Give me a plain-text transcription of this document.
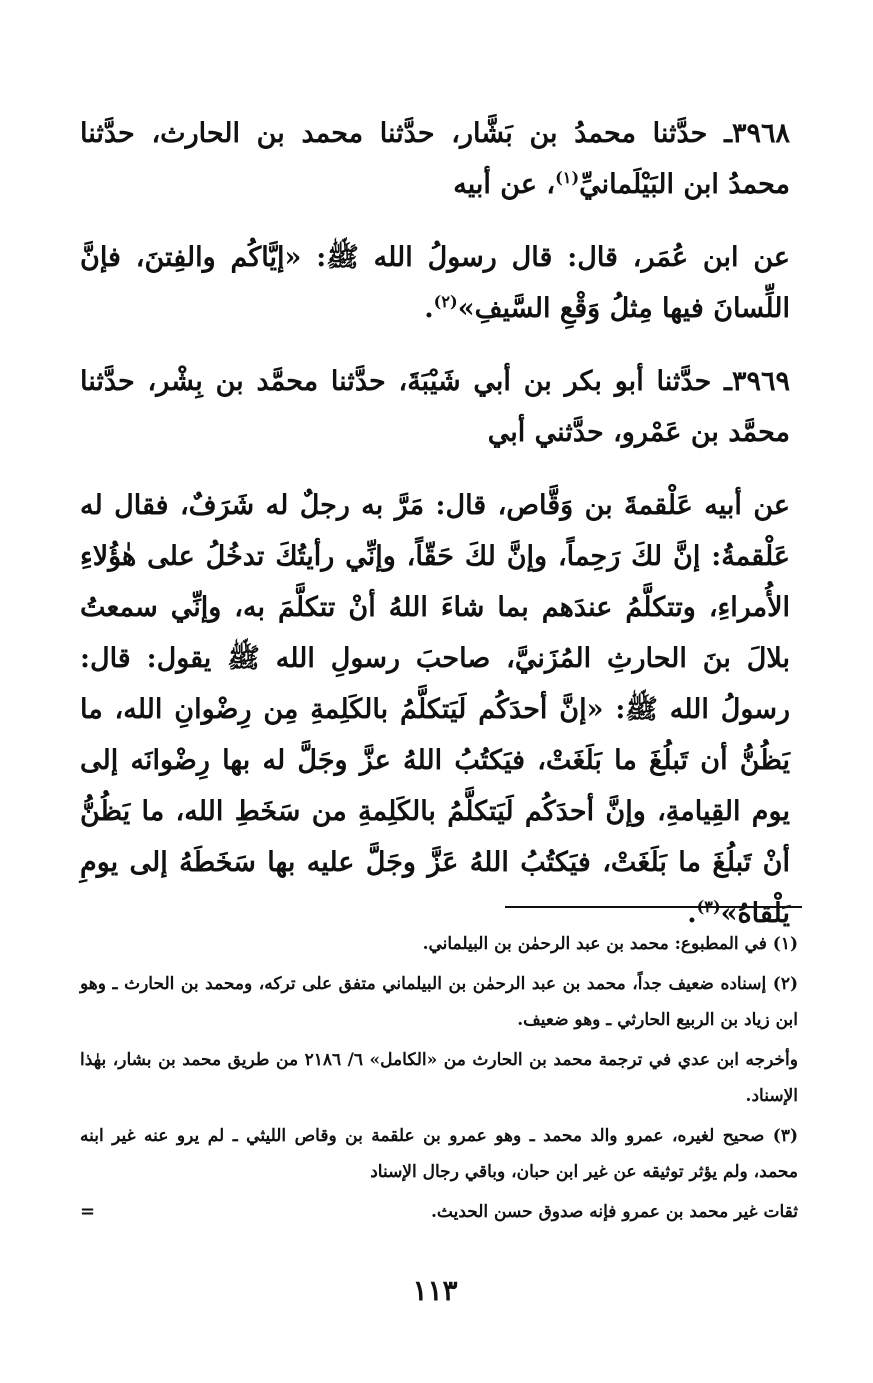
٣٩٦٨ـ حدَّثنا محمدُ بن بَشَّار، حدَّثنا محمد بن الحارث، حدَّثنا محمدُ ابن البَيْلَمانيِّ$^{(١)}$، عن أبيه

عن ابن عُمَر، قال: قال رسولُ الله ﷺ: «إيَّاكُم والفِتنَ، فإنَّ اللِّسانَ فيها مِثلُ وَقْعِ السَّيفِ»$^{(٢)}$.

٣٩٦٩ـ حدَّثنا أبو بكر بن أبي شَيْبَةَ، حدَّثنا محمَّد بن بِشْر، حدَّثنا محمَّد بن عَمْرو، حدَّثني أبي

عن أبيه عَلْقمةَ بن وَقَّاص، قال: مَرَّ به رجلٌ له شَرَفٌ، فقال له عَلْقمةُ: إنَّ لكَ رَحِماً، وإنَّ لكَ حَقّاً، وإنِّي رأيتُكَ تدخُلُ على هٰؤُلاءِ الأُمراءِ، وتتكلَّمُ عندَهم بما شاءَ اللهُ أنْ تتكلَّمَ به، وإنِّي سمعتُ بلالَ بنَ الحارثِ المُزَنيَّ، صاحبَ رسولِ الله ﷺ يقول: قال: رسولُ الله ﷺ: «إنَّ أحدَكُم لَيَتكلَّمُ بالكَلِمةِ مِن رِضْوانِ الله، ما يَظُنُّ أن تَبلُغَ ما بَلَغَتْ، فيَكتُبُ اللهُ عزَّ وجَلَّ له بها رِضْوانَه إلى يوم القِيامةِ، وإنَّ أحدَكُم لَيَتكلَّمُ بالكَلِمةِ من سَخَطِ الله، ما يَظُنُّ أنْ تَبلُغَ ما بَلَغَتْ، فيَكتُبُ اللهُ عَزَّ وجَلَّ عليه بها سَخَطَهُ إلى يومِ يَلْقاهُ»$^{(٣)}$.

(١) في المطبوع: محمد بن عبد الرحمٰن بن البيلماني.

(٢) إسناده ضعيف جداً، محمد بن عبد الرحمٰن بن البيلماني متفق على تركه، ومحمد بن الحارث ـ وهو ابن زياد بن الربيع الحارثي ـ وهو ضعيف.

وأخرجه ابن عدي في ترجمة محمد بن الحارث من «الكامل» ٦/ ٢١٨٦ من طريق محمد بن بشار، بهٰذا الإسناد.

(٣) صحيح لغيره، عمرو والد محمد ـ وهو عمرو بن علقمة بن وقاص الليثي ـ لم يرو عنه غير ابنه محمد، ولم يؤثر توثيقه عن غير ابن حبان، وباقي رجال الإسناد

ثقات غير محمد بن عمرو فإنه صدوق حسن الحديث.
=
١١٣
